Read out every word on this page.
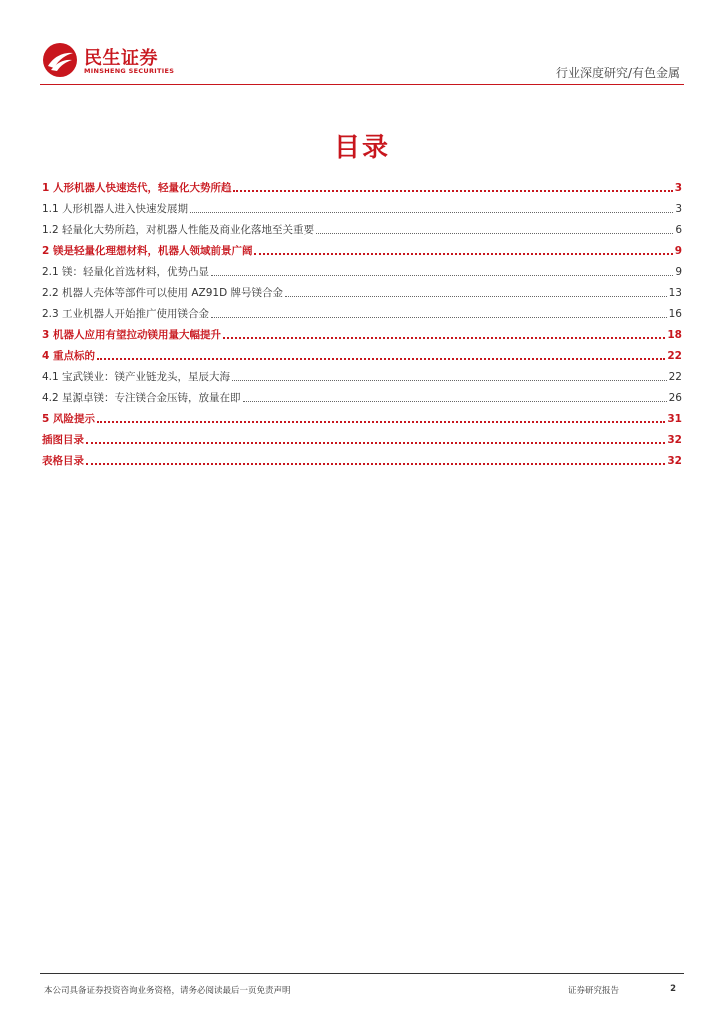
民生证券
MINSHENG SECURITIES	行业深度研究/有色金属
目录
1 人形机器人快速迭代，轻量化大势所趋	3
1.1 人形机器人进入快速发展期	3
1.2 轻量化大势所趋，对机器人性能及商业化落地至关重要	6
2 镁是轻量化理想材料，机器人领域前景广阔	9
2.1 镁：轻量化首选材料，优势凸显	9
2.2 机器人壳体等部件可以使用 AZ91D 牌号镁合金	13
2.3 工业机器人开始推广使用镁合金	16
3 机器人应用有望拉动镁用量大幅提升	18
4 重点标的	22
4.1 宝武镁业：镁产业链龙头，星辰大海	22
4.2 星源卓镁：专注镁合金压铸，放量在即	26
5 风险提示	31
插图目录	32
表格目录	32
本公司具备证券投资咨询业务资格，请务必阅读最后一页免责声明	证券研究报告	2
